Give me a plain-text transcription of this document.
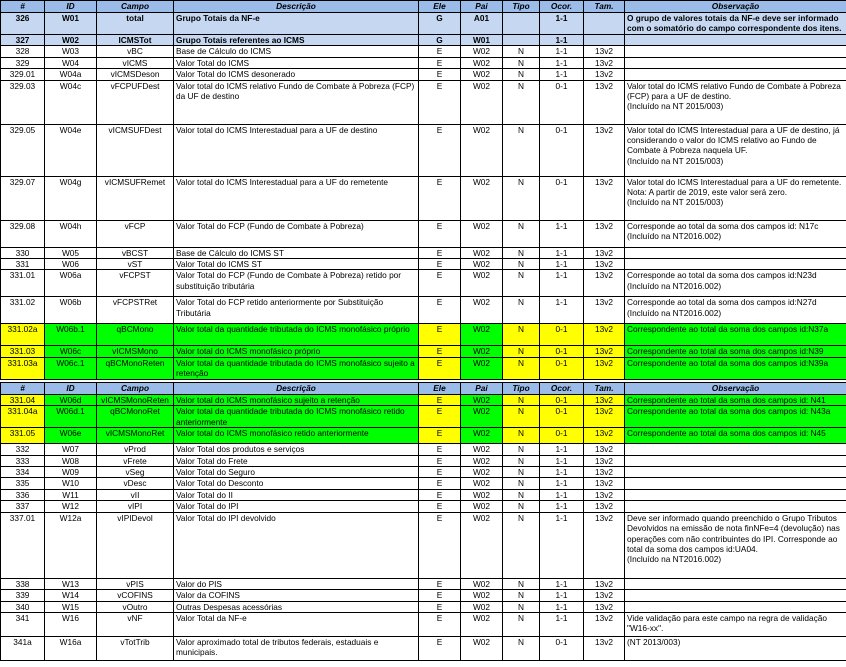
#	ID	Campo	Descrição	Ele	Pai	Tipo	Ocor.	Tam.	Observação
326	W01	total	Grupo Totais da NF-e	G	A01		1-1		O grupo de valores totais da NF-e deve ser informado com o somatório do campo correspondente dos itens.
327	W02	ICMSTot	Grupo Totais referentes ao ICMS	G	W01		1-1		
328	W03	vBC	Base de Cálculo do ICMS	E	W02	N	1-1	13v2	
329	W04	vICMS	Valor Total do ICMS	E	W02	N	1-1	13v2	
329.01	W04a	vICMSDeson	Valor Total do ICMS desonerado	E	W02	N	1-1	13v2	
329.03	W04c	vFCPUFDest	Valor total do ICMS relativo Fundo de Combate à Pobreza (FCP) da UF de destino	E	W02	N	0-1	13v2	Valor total do ICMS relativo Fundo de Combate à Pobreza (FCP) para a UF de destino.
(Incluído na NT 2015/003)
329.05	W04e	vICMSUFDest	Valor total do ICMS Interestadual para a UF de destino	E	W02	N	0-1	13v2	Valor total do ICMS Interestadual para a UF de destino, já considerando o valor do ICMS relativo ao Fundo de Combate à Pobreza naquela UF.
(Incluído na NT 2015/003)
329.07	W04g	vICMSUFRemet	Valor total do ICMS Interestadual para a UF do remetente	E	W02	N	0-1	13v2	Valor total do ICMS Interestadual para a UF do remetente. Nota: A partir de 2019, este valor será zero.
(Incluído na NT 2015/003)
329.08	W04h	vFCP	Valor Total do FCP (Fundo de Combate à Pobreza)	E	W02	N	1-1	13v2	Corresponde ao total da soma dos campos id: N17c
(Incluído na NT2016.002)
330	W05	vBCST	Base de Cálculo do ICMS ST	E	W02	N	1-1	13v2	
331	W06	vST	Valor Total do ICMS ST	E	W02	N	1-1	13v2	
331.01	W06a	vFCPST	Valor Total do FCP (Fundo de Combate à Pobreza) retido por substituição tributária	E	W02	N	1-1	13v2	Corresponde ao total da soma dos campos id:N23d
(Incluído na NT2016.002)
331.02	W06b	vFCPSTRet	Valor Total do FCP retido anteriormente por Substituição Tributária	E	W02	N	1-1	13v2	Corresponde ao total da soma dos campos id:N27d
(Incluído na NT2016.002)
331.02a	W06b.1	qBCMono	Valor total da quantidade tributada do ICMS monofásico próprio	E	W02	N	0-1	13v2	Correspondente ao total da soma dos campos id:N37a
331.03	W06c	vICMSMono	Valor total do ICMS monofásico próprio	E	W02	N	0-1	13v2	Correspondente ao total da soma dos campos id:N39
331.03a	W06c.1	qBCMonoReten	Valor total da quantidade tributada do ICMS monofásico sujeito a retenção	E	W02	N	0-1	13v2	Correspondente ao total da soma dos campos id:N39a

#	ID	Campo	Descrição	Ele	Pai	Tipo	Ocor.	Tam.	Observação
331.04	W06d	vICMSMonoReten	Valor total do ICMS monofásico sujeito a retenção	E	W02	N	0-1	13v2	Correspondente ao total da soma dos campos id: N41
331.04a	W06d.1	qBCMonoRet	Valor total da quantidade tributada do ICMS monofásico retido anteriormente	E	W02	N	0-1	13v2	Correspondente ao total da soma dos campos id: N43a
331.05	W06e	vICMSMonoRet	Valor total do ICMS monofásico retido anteriormente	E	W02	N	0-1	13v2	Correspondente ao total da soma dos campos id: N45
332	W07	vProd	Valor Total dos produtos e serviços	E	W02	N	1-1	13v2	
333	W08	vFrete	Valor Total do Frete	E	W02	N	1-1	13v2	
334	W09	vSeg	Valor Total do Seguro	E	W02	N	1-1	13v2	
335	W10	vDesc	Valor Total do Desconto	E	W02	N	1-1	13v2	
336	W11	vII	Valor Total do II	E	W02	N	1-1	13v2	
337	W12	vIPI	Valor Total do IPI	E	W02	N	1-1	13v2	
337.01	W12a	vIPIDevol	Valor Total do IPI devolvido	E	W02	N	1-1	13v2	Deve ser informado quando preenchido o Grupo Tributos Devolvidos na emissão de nota finNFe=4 (devolução) nas operações com não contribuintes do IPI. Corresponde ao total da soma dos campos id:UA04.
(Incluído na NT2016.002)
338	W13	vPIS	Valor do PIS	E	W02	N	1-1	13v2	
339	W14	vCOFINS	Valor da COFINS	E	W02	N	1-1	13v2	
340	W15	vOutro	Outras Despesas acessórias	E	W02	N	1-1	13v2	
341	W16	vNF	Valor Total da NF-e	E	W02	N	1-1	13v2	Vide validação para este campo na regra de validação "W16-xx".
341a	W16a	vTotTrib	Valor aproximado total de tributos federais, estaduais e municipais.	E	W02	N	0-1	13v2	(NT 2013/003)
